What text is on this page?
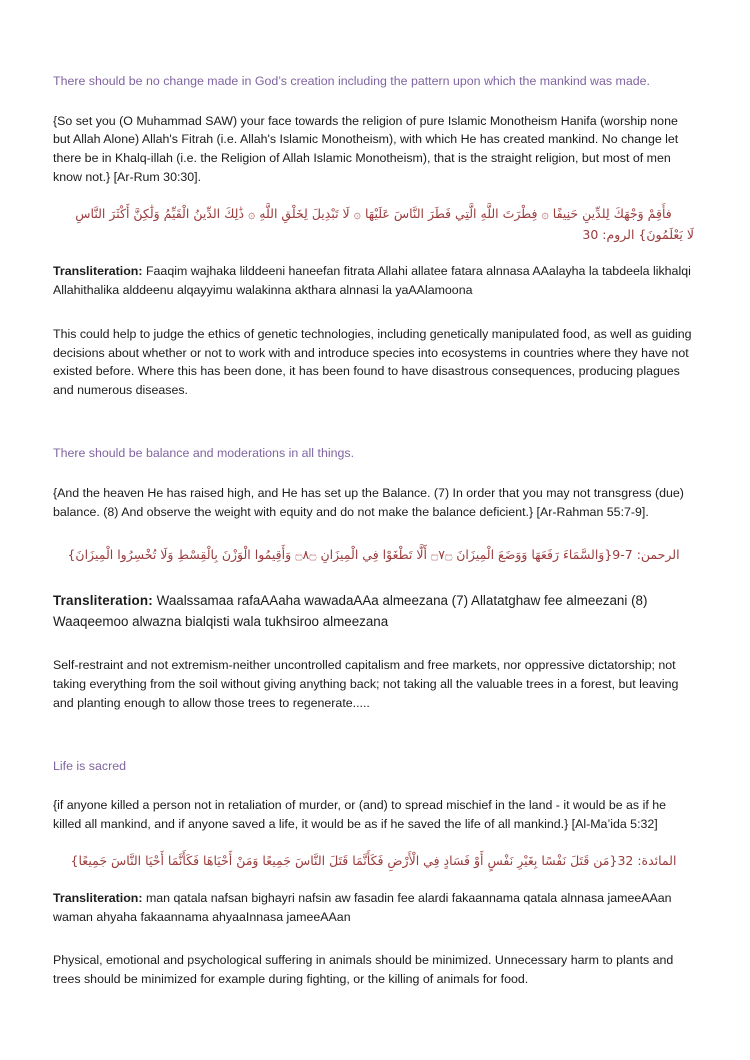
There should be no change made in God’s creation including the pattern upon which the mankind was made.

{So set you (O Muhammad SAW) your face towards the religion of pure Islamic Monotheism Hanifa (worship none but Allah Alone) Allah's Fitrah (i.e. Allah's Islamic Monotheism), with which He has created mankind. No change let there be in Khalq-illah (i.e. the Religion of Allah Islamic Monotheism), that is the straight religion, but most of men know not.} [Ar-Rum 30:30].

فأَقِمْ وَجْهَكَ لِلدِّينِ حَنِيفًا ۞ فِطْرَتَ اللَّهِ الَّتِي فَطَرَ النَّاسَ عَلَيْهَا ۞ لَا تَبْدِيلَ لِخَلْقِ اللَّهِ ۞ ذَٰلِكَ الدِّينُ الْقَيِّمُ وَلَٰكِنَّ أَكْثَرَ النَّاسِ

لَا يَعْلَمُونَ} الروم: 30

Transliteration: Faaqim wajhaka lilddeeni haneefan fitrata Allahi allatee fatara alnnasa AAalayha la tabdeela likhalqi Allahithalika alddeenu alqayyimu walakinna akthara alnnasi la yaAAlamoona

This could help to judge the ethics of genetic technologies, including genetically manipulated food, as well as guiding decisions about whether or not to work with and introduce species into ecosystems in countries where they have not existed before. Where this has been done, it has been found to have disastrous consequences, producing plagues and numerous diseases.

There should be balance and moderations in all things.

{And the heaven He has raised high, and He has set up the Balance. (7) In order that you may not transgress (due) balance. (8) And observe the weight with equity and do not make the balance deficient.} [Ar-Rahman 55:7-9].

الرحمن: 7-9{وَالسَّمَاءَ رَفَعَهَا وَوَضَعَ الْمِيزَانَ ۝٧۝ أَلَّا تَطْغَوْا فِي الْمِيزَانِ ۝٨۝ وَأَقِيمُوا الْوَزْنَ بِالْقِسْطِ وَلَا تُخْسِرُوا الْمِيزَانَ}

Transliteration: Waalssamaa rafaAAaha wawadaAAa almeezana (7) Allatatghaw fee almeezani (8) Waaqeemoo alwazna bialqisti wala tukhsiroo almeezana

Self-restraint and not extremism-neither uncontrolled capitalism and free markets, nor oppressive dictatorship; not taking everything from the soil without giving anything back; not taking all the valuable trees in a forest, but leaving and planting enough to allow those trees to regenerate.....

Life is sacred

{if anyone killed a person not in retaliation of murder, or (and) to spread mischief in the land - it would be as if he killed all mankind, and if anyone saved a life, it would be as if he saved the life of all mankind.} [Al-Ma’ida 5:32]

المائدة: 32{مَن قَتَلَ نَفْسًا بِغَيْرِ نَفْسٍ أَوْ فَسَادٍ فِي الْأَرْضِ فَكَأَنَّمَا قَتَلَ النَّاسَ جَمِيعًا وَمَنْ أَحْيَاهَا فَكَأَنَّمَا أَحْيَا النَّاسَ جَمِيعًا}

Transliteration: man qatala nafsan bighayri nafsin aw fasadin fee alardi fakaannama qatala alnnasa jameeAAan waman ahyaha fakaannama ahyaaInnasa jameeAAan

Physical, emotional and psychological suffering in animals should be minimized. Unnecessary harm to plants and trees should be minimized for example during fighting, or the killing of animals for food.
